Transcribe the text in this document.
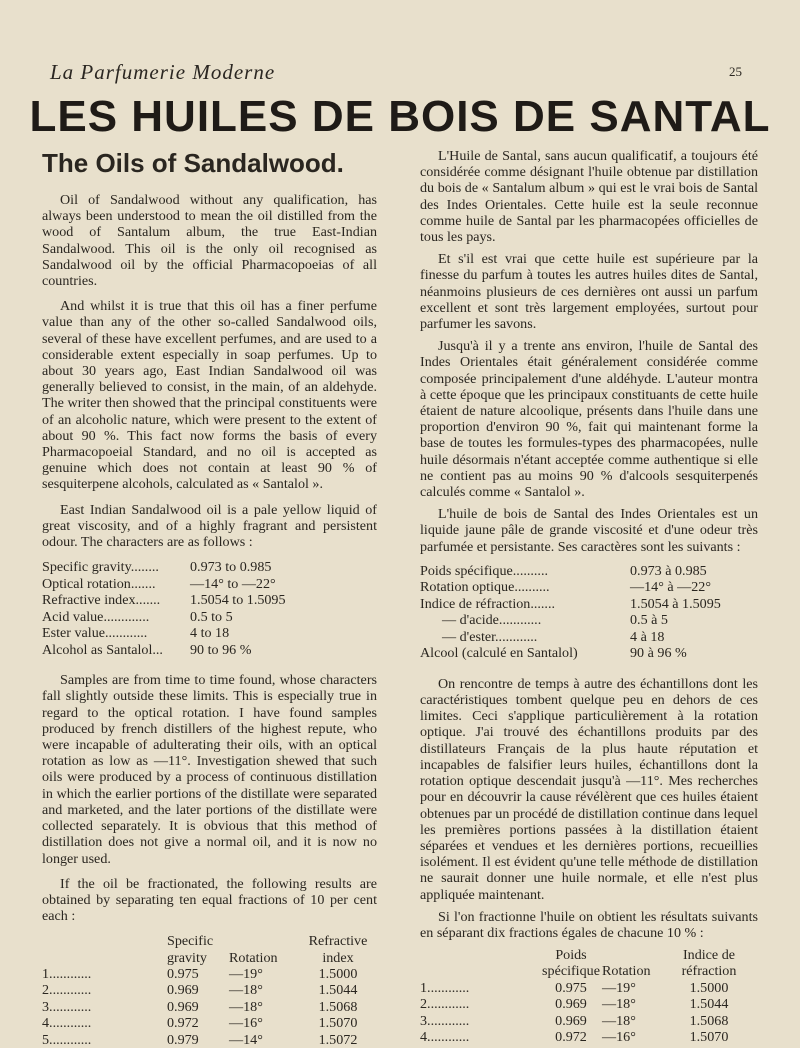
La Parfumerie Moderne	25
LES HUILES DE BOIS DE SANTAL
The Oils of Sandalwood.

Oil of Sandalwood without any qualification, has always been understood to mean the oil distilled from the wood of Santalum album, the true East-Indian Sandalwood. This oil is the only oil recognised as Sandalwood oil by the official Pharmacopoeias of all countries.

And whilst it is true that this oil has a finer perfume value than any of the other so-called Sandalwood oils, several of these have excellent perfumes, and are used to a considerable extent especially in soap perfumes. Up to about 30 years ago, East Indian Sandalwood oil was generally believed to consist, in the main, of an aldehyde. The writer then showed that the principal constituents were of an alcoholic nature, which were present to the extent of about 90 %. This fact now forms the basis of every Pharmacopoeial Standard, and no oil is accepted as genuine which does not contain at least 90 % of sesquiterpene alcohols, calculated as « Santalol ».

East Indian Sandalwood oil is a pale yellow liquid of great viscosity, and of a highly fragrant and persistent odour. The characters are as follows :

Specific gravity........	0.973 to 0.985
Optical rotation.......	—14° to —22°
Refractive index.......	1.5054 to 1.5095
Acid value.............	0.5 to 5
Ester value............	4 to 18
Alcohol as Santalol...	90 to 96 %

Samples are from time to time found, whose characters fall slightly outside these limits. This is especially true in regard to the optical rotation. I have found samples produced by french distillers of the highest repute, who were incapable of adulterating their oils, with an optical rotation as low as —11°. Investigation shewed that such oils were produced by a process of continuous distillation in which the earlier portions of the distillate were separated and marketed, and the later portions of the distillate were collected separately. It is obvious that this method of distillation does not give a normal oil, and it is now no longer used.

If the oil be fractionated, the following results are obtained by separating ten equal fractions of 10 per cent each :

Specific	Refractive
gravity	Rotation	index
1............	0.975	—19°	1.5000
2............	0.969	—18°	1.5044
3............	0.969	—18°	1.5068
4............	0.972	—16°	1.5070
5............	0.979	—14°	1.5072

L'Huile de Santal, sans aucun qualificatif, a toujours été considérée comme désignant l'huile obtenue par distillation du bois de « Santalum album » qui est le vrai bois de Santal des Indes Orientales. Cette huile est la seule reconnue comme huile de Santal par les pharmacopées officielles de tous les pays.

Et s'il est vrai que cette huile est supérieure par la finesse du parfum à toutes les autres huiles dites de Santal, néanmoins plusieurs de ces dernières ont aussi un parfum excellent et sont très largement employées, surtout pour parfumer les savons.

Jusqu'à il y a trente ans environ, l'huile de Santal des Indes Orientales était généralement considérée comme composée principalement d'une aldéhyde. L'auteur montra à cette époque que les principaux constituants de cette huile étaient de nature alcoolique, présents dans l'huile dans une proportion d'environ 90 %, fait qui maintenant forme la base de toutes les formules-types des pharmacopées, nulle huile désormais n'étant acceptée comme authentique si elle ne contient pas au moins 90 % d'alcools sesquiterpenés calculés comme « Santalol ».

L'huile de bois de Santal des Indes Orientales est un liquide jaune pâle de grande viscosité et d'une odeur très parfumée et persistante. Ses caractères sont les suivants :

Poids spécifique..........	0.973 à 0.985
Rotation optique..........	—14° à —22°
Indice de réfraction.......	1.5054 à 1.5095
— d'acide............	0.5 à 5
— d'ester............	4 à 18
Alcool (calculé en Santalol)	90 à 96 %

On rencontre de temps à autre des échantillons dont les caractéristiques tombent quelque peu en dehors de ces limites. Ceci s'applique particulièrement à la rotation optique. J'ai trouvé des échantillons produits par des distillateurs Français de la plus haute réputation et incapables de falsifier leurs huiles, échantillons dont la rotation optique descendait jusqu'à —11°. Mes recherches pour en découvrir la cause révélèrent que ces huiles étaient obtenues par un procédé de distillation continue dans lequel les premières portions passées à la distillation étaient séparées et vendues et les dernières portions, recueillies isolément. Il est évident qu'une telle méthode de distillation ne saurait donner une huile normale, et elle n'est plus appliquée maintenant.

Si l'on fractionne l'huile on obtient les résultats suivants en séparant dix fractions égales de chacune 10 % :

Poids	Indice de
spécifique Rotation	réfraction
1............	0.975	—19°	1.5000
2............	0.969	—18°	1.5044
3............	0.969	—18°	1.5068
4............	0.972	—16°	1.5070
